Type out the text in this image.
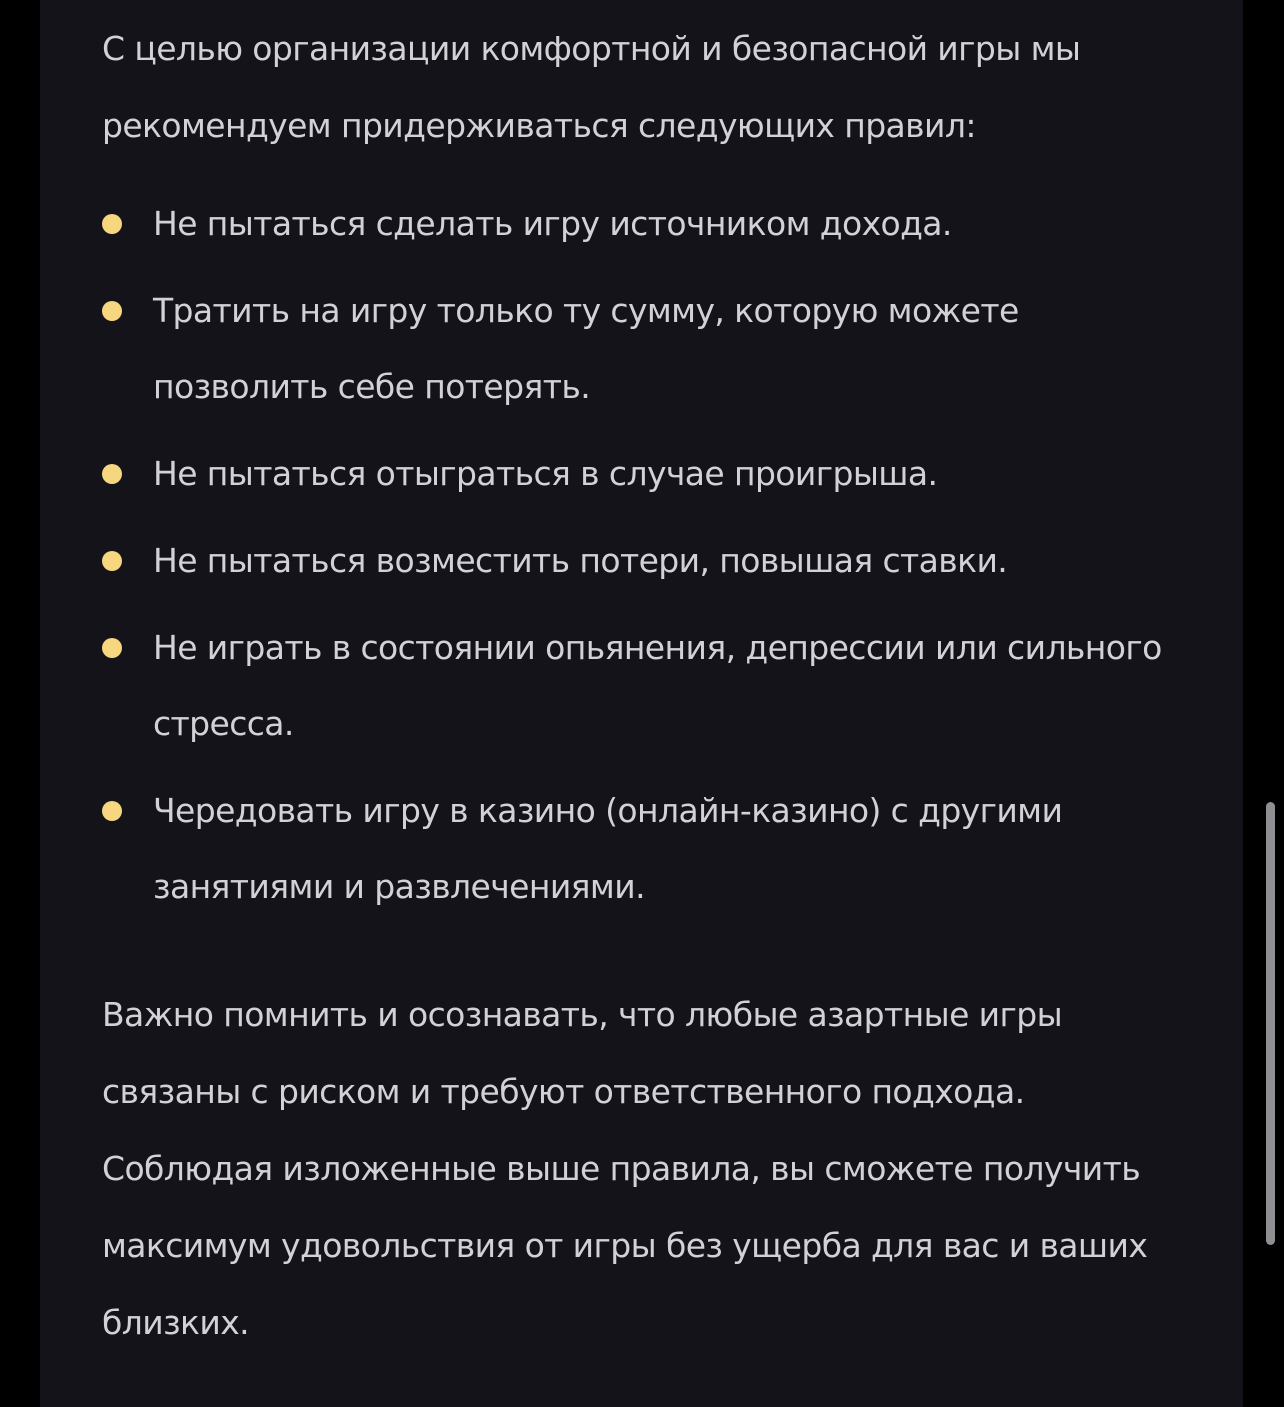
С целью организации комфортной и безопасной игры мы рекомендуем придерживаться следующих правил:

Не пытаться сделать игру источником дохода.
Тратить на игру только ту сумму, которую можете позволить себе потерять.
Не пытаться отыграться в случае проигрыша.
Не пытаться возместить потери, повышая ставки.
Не играть в состоянии опьянения, депрессии или сильного стресса.
Чередовать игру в казино (онлайн-казино) с другими занятиями и развлечениями.

Важно помнить и осознавать, что любые азартные игры связаны с риском и требуют ответственного подхода. Соблюдая изложенные выше правила, вы сможете получить максимум удовольствия от игры без ущерба для вас и ваших близких.
